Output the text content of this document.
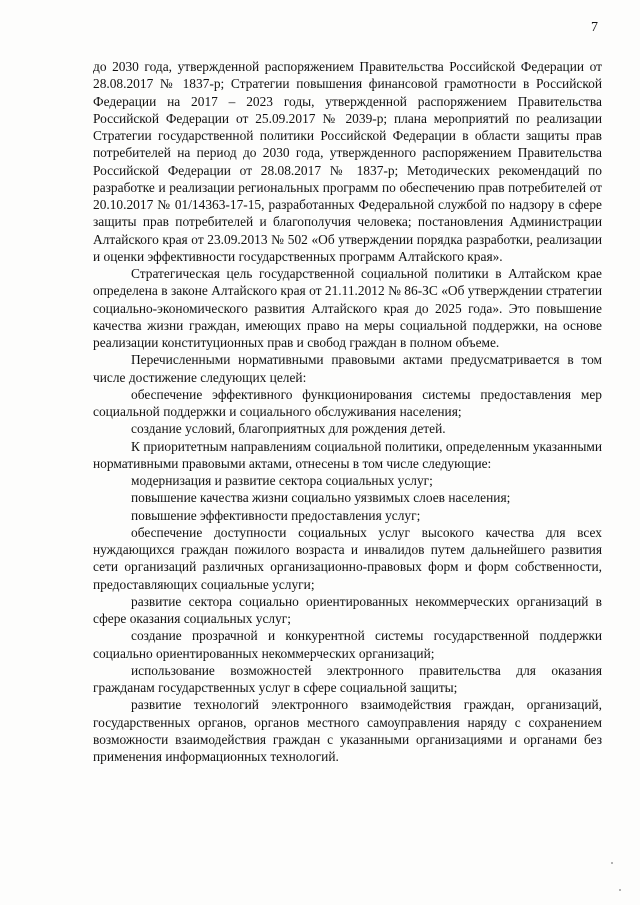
7

до 2030 года, утвержденной распоряжением Правительства Российской Федерации от 28.08.2017 № 1837-р; Стратегии повышения финансовой грамотности в Российской Федерации на 2017 – 2023 годы, утвержденной распоряжением Правительства Российской Федерации от 25.09.2017 № 2039-р; плана мероприятий по реализации Стратегии государственной политики Российской Федерации в области защиты прав потребителей на период до 2030 года, утвержденного распоряжением Правительства Российской Федерации от 28.08.2017 № 1837-р; Методических рекомендаций по разработке и реализации региональных программ по обеспечению прав потребителей от 20.10.2017 № 01/14363-17-15, разработанных Федеральной службой по надзору в сфере защиты прав потребителей и благополучия человека; постановления Администрации Алтайского края от 23.09.2013 № 502 «Об утверждении порядка разработки, реализации и оценки эффективности государственных программ Алтайского края».

Стратегическая цель государственной социальной политики в Алтайском крае определена в законе Алтайского края от 21.11.2012 № 86-ЗС «Об утверждении стратегии социально-экономического развития Алтайского края до 2025 года». Это повышение качества жизни граждан, имеющих право на меры социальной поддержки, на основе реализации конституционных прав и свобод граждан в полном объеме.

Перечисленными нормативными правовыми актами предусматривается в том числе достижение следующих целей:

обеспечение эффективного функционирования системы предоставления мер социальной поддержки и социального обслуживания населения;

создание условий, благоприятных для рождения детей.

К приоритетным направлениям социальной политики, определенным указанными нормативными правовыми актами, отнесены в том числе следующие:

модернизация и развитие сектора социальных услуг;

повышение качества жизни социально уязвимых слоев населения;

повышение эффективности предоставления услуг;

обеспечение доступности социальных услуг высокого качества для всех нуждающихся граждан пожилого возраста и инвалидов путем дальнейшего развития сети организаций различных организационно-правовых форм и форм собственности, предоставляющих социальные услуги;

развитие сектора социально ориентированных некоммерческих организаций в сфере оказания социальных услуг;

создание прозрачной и конкурентной системы государственной поддержки социально ориентированных некоммерческих организаций;

использование возможностей электронного правительства для оказания гражданам государственных услуг в сфере социальной защиты;

развитие технологий электронного взаимодействия граждан, организаций, государственных органов, органов местного самоуправления наряду с сохранением возможности взаимодействия граждан с указанными организациями и органами без применения информационных технологий.
